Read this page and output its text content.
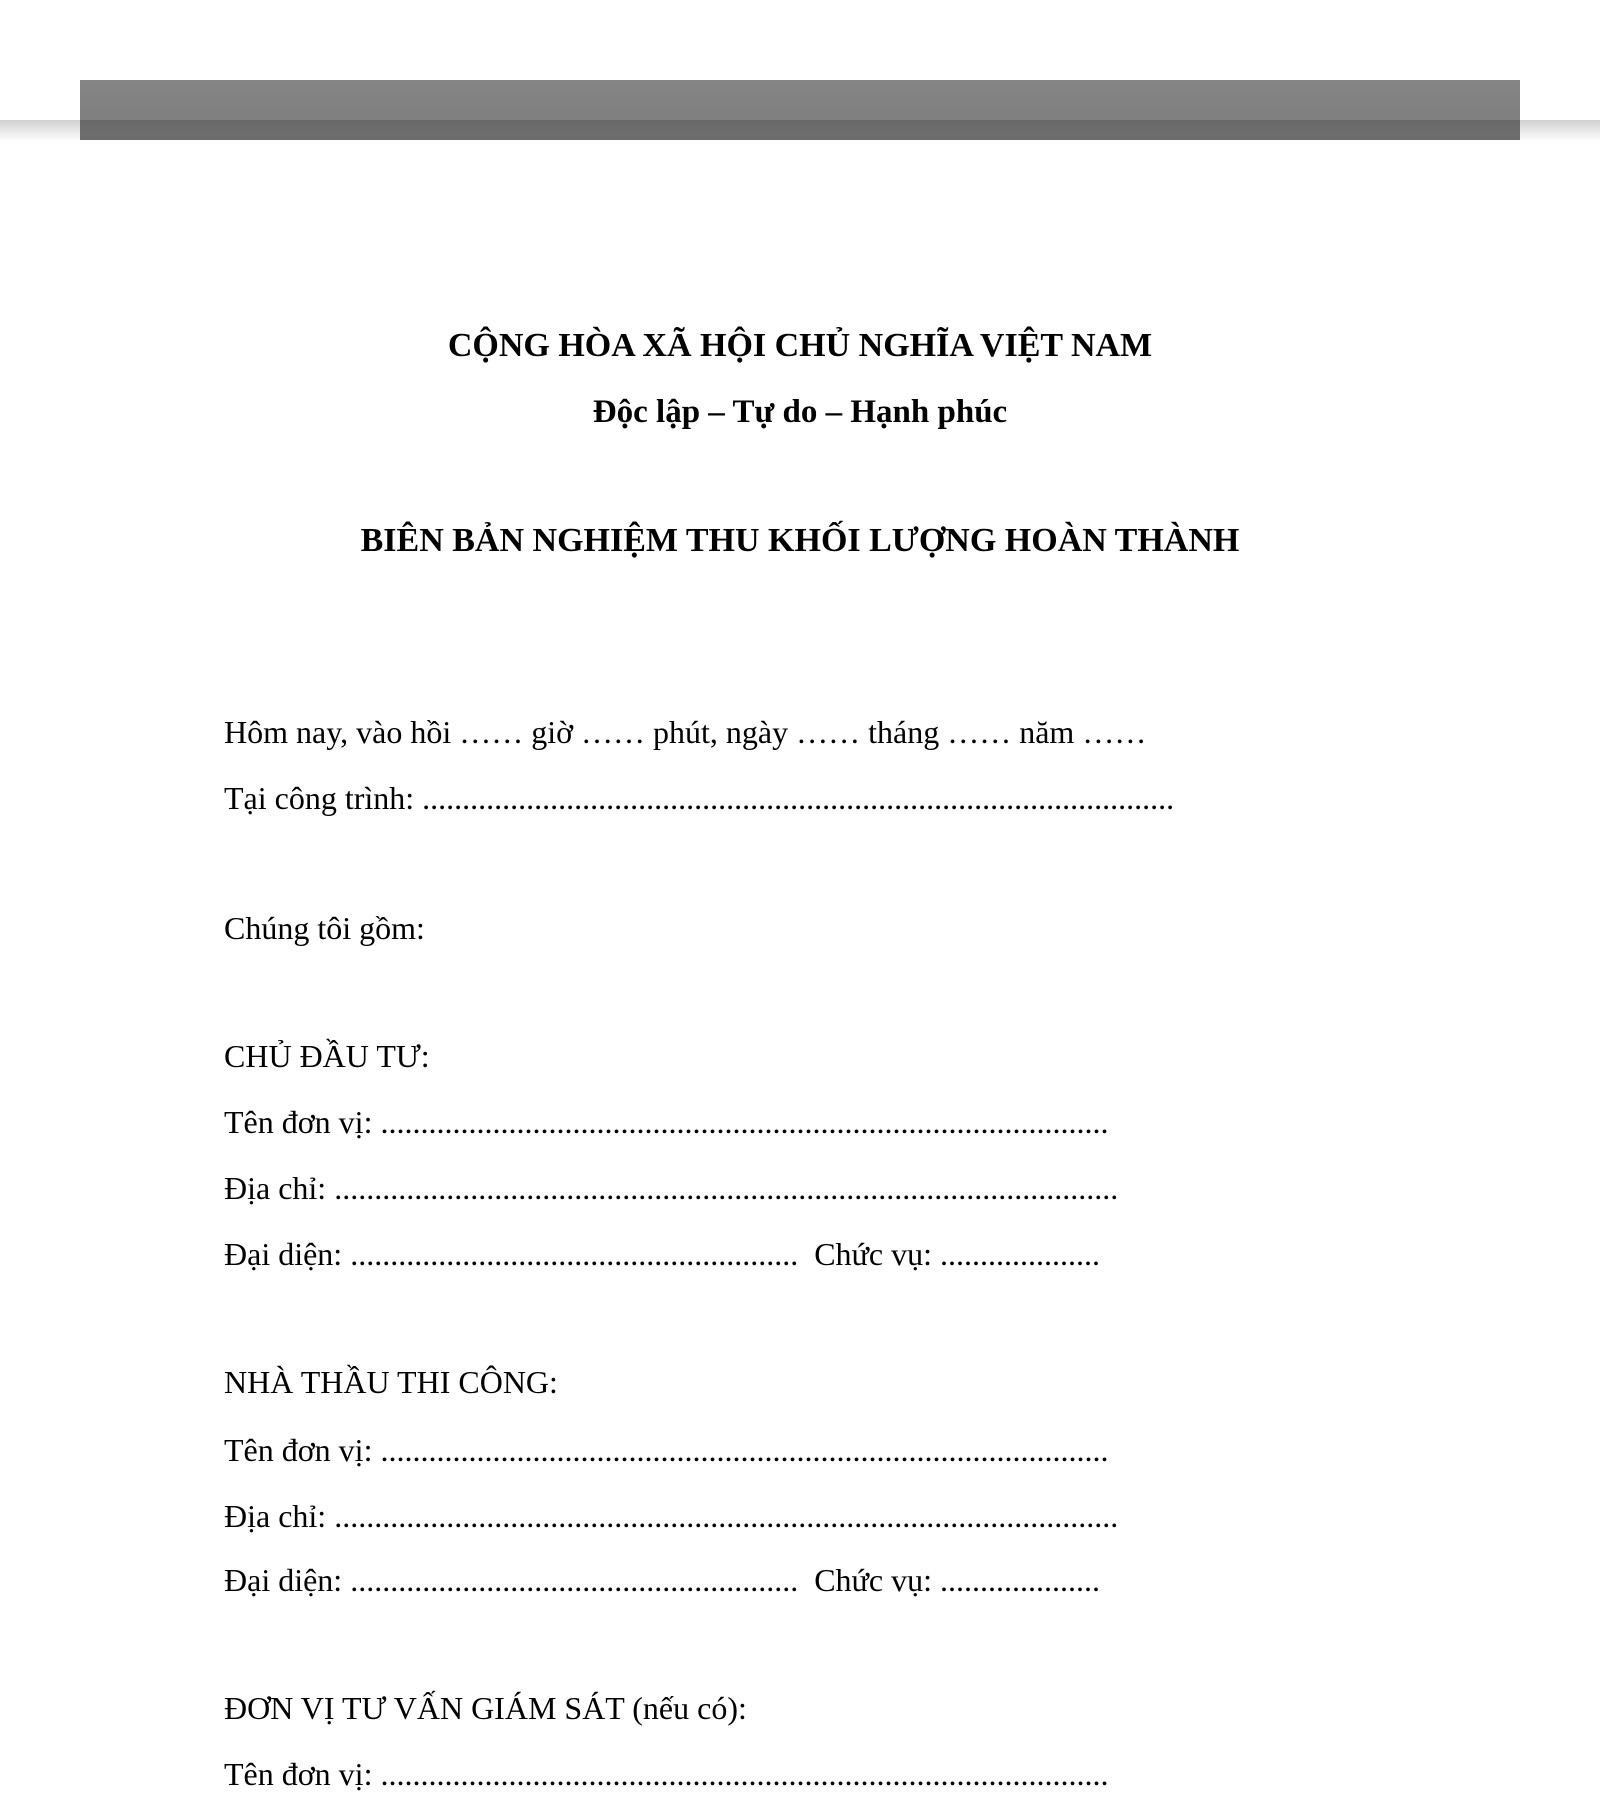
CỘNG HÒA XÃ HỘI CHỦ NGHĨA VIỆT NAM
Độc lập – Tự do – Hạnh phúc
BIÊN BẢN NGHIỆM THU KHỐI LƯỢNG HOÀN THÀNH
Hôm nay, vào hồi …… giờ …… phút, ngày …… tháng …… năm ……
Tại công trình: ..............................................................................................
Chúng tôi gồm:
CHỦ ĐẦU TƯ:
Tên đơn vị: ...........................................................................................
Địa chỉ: ..................................................................................................
Đại diện: ........................................................ Chức vụ: ....................
NHÀ THẦU THI CÔNG:
Tên đơn vị: ...........................................................................................
Địa chỉ: ..................................................................................................
Đại diện: ........................................................ Chức vụ: ....................
ĐƠN VỊ TƯ VẤN GIÁM SÁT (nếu có):
Tên đơn vị: ...........................................................................................
